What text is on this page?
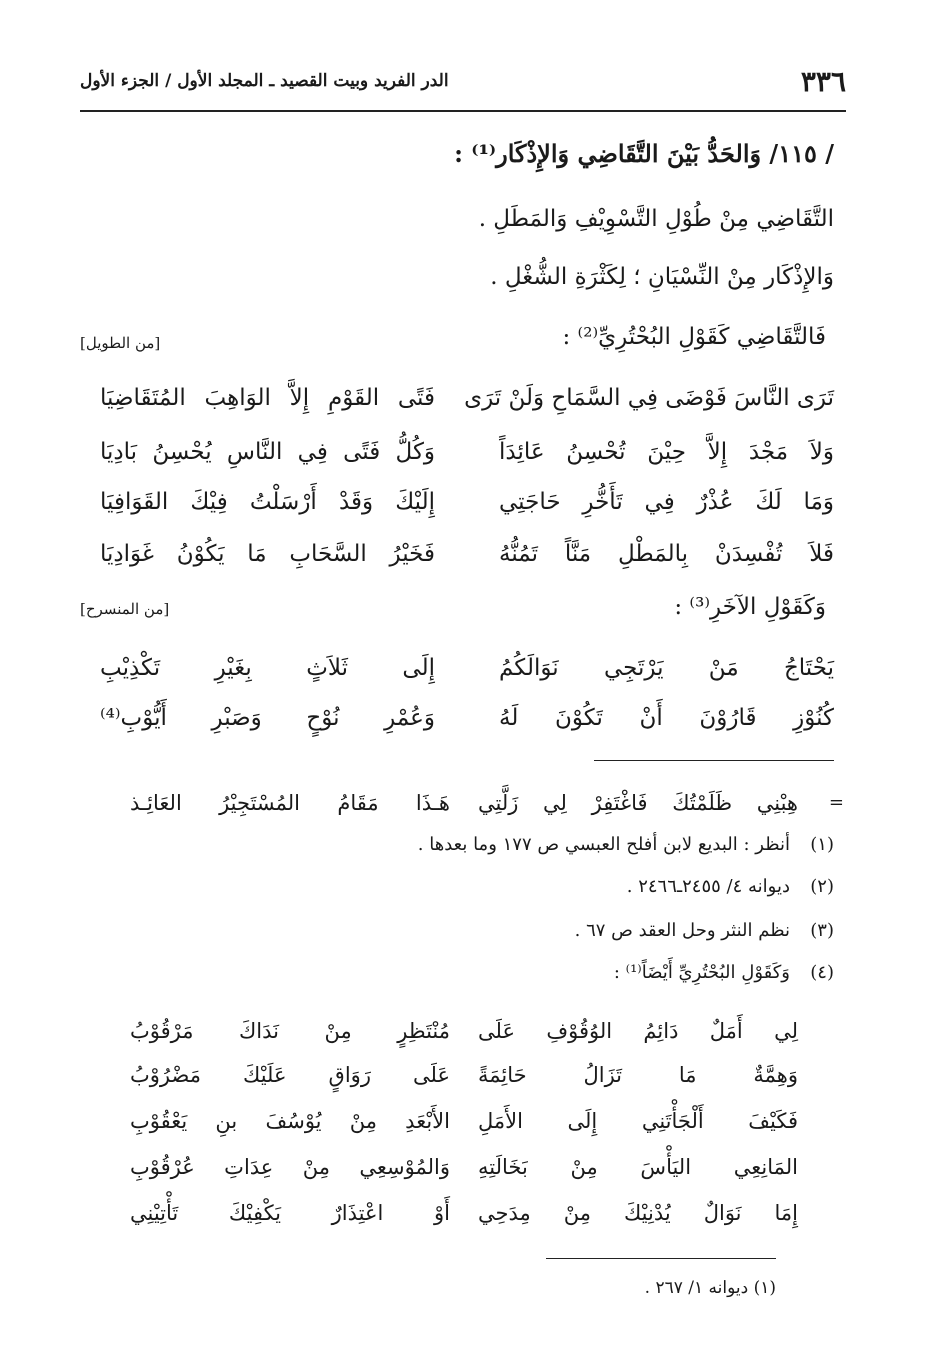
٣٣٦
الدر الفريد وبيت القصيد ـ المجلد الأول / الجزء الأول
/ ١١٥/ وَالحَدُّ بَيْنَ التَّقَاضِي وَالإِذْكَار⁽¹⁾ :
التَّقَاضِي مِنْ طُوْلِ التَّسْوِيْفِ وَالمَطَلِ .
وَالإِذْكَار مِنْ النِّسْيَانِ ؛ لِكَثْرَةِ الشُّغْلِ .
فَالتَّقَاضِي كَقَوْلِ البُحْتُرِيِّ⁽²⁾ :
[من الطويل]
تَرَى النَّاسَ فَوْضَى فِي السَّمَاحِ وَلَنْ تَرَى
فَتًى القَوْمِ إِلاَّ الوَاهِبَ المُتَقَاضِيَا
وَلاَ مَجْدَ إِلاَّ حِيْنَ تُحْسِنُ عَائِدَاً
وَكُلُّ فَتًى فِي النَّاسِ يُحْسِنُ بَادِيَا
وَمَا لَكَ عُذْرٌ فِي تَأَخُّرِ حَاجَتِي
إِلَيْكَ وَقَدْ أَرْسَلْتُ فِيْكَ القَوَافِيَا
فَلاَ تُفْسِدَنْ بِالمَطْلِ مَنَّاً تَمُنُّهُ
فَخَيْرُ السَّحَابِ مَا يَكُوْنُ غَوَادِيَا
وَكَقَوْلِ الآخَرِ⁽³⁾ :
[من المنسرح]
يَحْتَاجُ مَنْ يَرْتَجِي نَوَالَكُمُ
إِلَى ثَلاَثٍ بِغَيْرِ تَكْذِيْبِ
كُنُوْزِ قَارُوْنَ أَنْ تَكُوْنَ لَهُ
وَعُمْرِ نُوْحٍ وَصَبْرِ أَيُّوْبِ⁽⁴⁾
=
هِبْنِي ظَلَمْتُكَ فَاغْتَفِرْ لِي زَلَّتِي
هَـذَا مَقَامُ المُسْتَجِيْرُ العَائِـذ
(١)أنظر : البديع لابن أفلح العبسي ص ١٧٧ وما بعدها .
(٢)ديوانه ٤/ ٢٤٥٥ـ٢٤٦٦ .
(٣)نظم النثر وحل العقد ص ٦٧ .
(٤)وَكَقَوْلِ البُحْتُرِيِّ أَيْضَاً⁽¹⁾ :
لِي أَمَلٌ دَائِمُ الوُقُوْفِ عَلَى
مُنْتَظِرٍ مِنْ نَدَاكَ مَرْقُوْبُ
وَهِمَّةٌ مَا تَزَالُ حَائِمَةً
عَلَى رَوَاقٍ عَلَيْكَ مَضْرُوْبُ
فَكَيْفَ أَلْجَأْتَنِي إِلَى الأَمَلِ
الأَبْعَدِ مِنْ يُوْسُفَ بنِ يَعْقُوْبِ
المَانِعِي اليَأْسَ مِنْ بَخَالَتِهِ
وَالمُوْسِعِي مِنْ عِدَاتِ عُرْقُوْبِ
إِمَا نَوَالٌ يُدْنِيْكَ مِنْ مِدَحِي
أَوْ اعْتِذَارٌ يَكْفِيْكَ تَأْتِيْنِي
(١) ديوانه ١/ ٢٦٧ .
